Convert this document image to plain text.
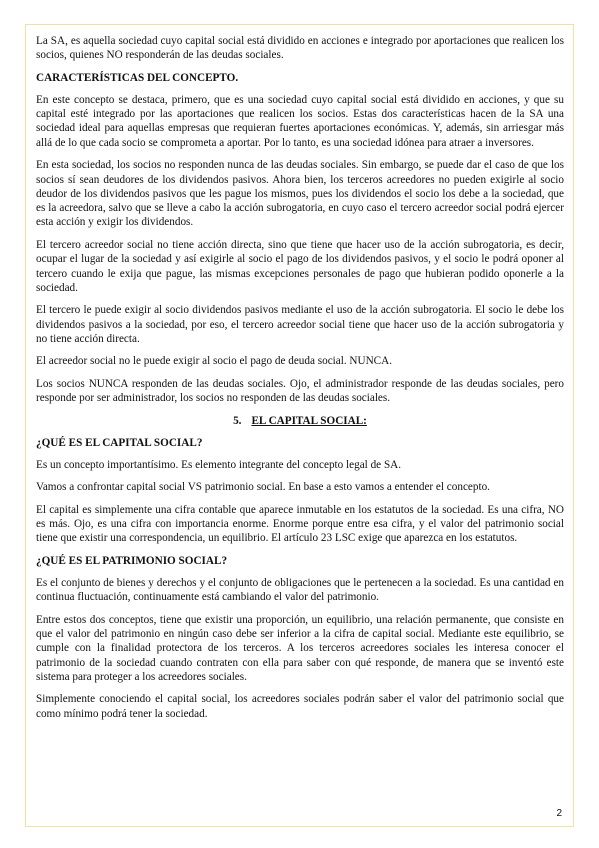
La SA, es aquella sociedad cuyo capital social está dividido en acciones e integrado por aportaciones que realicen los socios, quienes NO responderán de las deudas sociales.

CARACTERÍSTICAS DEL CONCEPTO.

En este concepto se destaca, primero, que es una sociedad cuyo capital social está dividido en acciones, y que su capital esté integrado por las aportaciones que realicen los socios. Estas dos características hacen de la SA una sociedad ideal para aquellas empresas que requieran fuertes aportaciones económicas. Y, además, sin arriesgar más allá de lo que cada socio se comprometa a aportar. Por lo tanto, es una sociedad idónea para atraer a inversores.

En esta sociedad, los socios no responden nunca de las deudas sociales. Sin embargo, se puede dar el caso de que los socios sí sean deudores de los dividendos pasivos. Ahora bien, los terceros acreedores no pueden exigirle al socio deudor de los dividendos pasivos que les pague los mismos, pues los dividendos el socio los debe a la sociedad, que es la acreedora, salvo que se lleve a cabo la acción subrogatoria, en cuyo caso el tercero acreedor social podrá ejercer esta acción y exigir los dividendos.

El tercero acreedor social no tiene acción directa, sino que tiene que hacer uso de la acción subrogatoria, es decir, ocupar el lugar de la sociedad y así exigirle al socio el pago de los dividendos pasivos, y el socio le podrá oponer al tercero cuando le exija que pague, las mismas excepciones personales de pago que hubieran podido oponerle a la sociedad.

El tercero le puede exigir al socio dividendos pasivos mediante el uso de la acción subrogatoria. El socio le debe los dividendos pasivos a la sociedad, por eso, el tercero acreedor social tiene que hacer uso de la acción subrogatoria y no tiene acción directa.

El acreedor social no le puede exigir al socio el pago de deuda social. NUNCA.

Los socios NUNCA responden de las deudas sociales. Ojo, el administrador responde de las deudas sociales, pero responde por ser administrador, los socios no responden de las deudas sociales.

5. EL CAPITAL SOCIAL:

¿QUÉ ES EL CAPITAL SOCIAL?

Es un concepto importantísimo. Es elemento integrante del concepto legal de SA.

Vamos a confrontar capital social VS patrimonio social. En base a esto vamos a entender el concepto.

El capital es simplemente una cifra contable que aparece inmutable en los estatutos de la sociedad. Es una cifra, NO es más. Ojo, es una cifra con importancia enorme. Enorme porque entre esa cifra, y el valor del patrimonio social tiene que existir una correspondencia, un equilibrio. El artículo 23 LSC exige que aparezca en los estatutos.

¿QUÉ ES EL PATRIMONIO SOCIAL?

Es el conjunto de bienes y derechos y el conjunto de obligaciones que le pertenecen a la sociedad. Es una cantidad en continua fluctuación, continuamente está cambiando el valor del patrimonio.

Entre estos dos conceptos, tiene que existir una proporción, un equilibrio, una relación permanente, que consiste en que el valor del patrimonio en ningún caso debe ser inferior a la cifra de capital social. Mediante este equilibrio, se cumple con la finalidad protectora de los terceros. A los terceros acreedores sociales les interesa conocer el patrimonio de la sociedad cuando contraten con ella para saber con qué responde, de manera que se inventó este sistema para proteger a los acreedores sociales.

Simplemente conociendo el capital social, los acreedores sociales podrán saber el valor del patrimonio social que como mínimo podrá tener la sociedad.

2
